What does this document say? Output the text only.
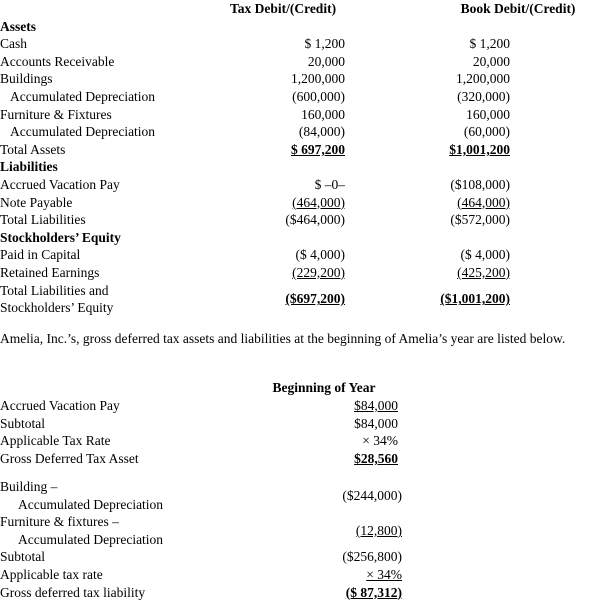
	Tax Debit/(Credit)		Book Debit/(Credit)
Assets			
Cash	$ 1,200		$ 1,200
Accounts Receivable	20,000		20,000
Buildings	1,200,000		1,200,000
Accumulated Depreciation	(600,000)		(320,000)
Furniture & Fixtures	160,000		160,000
Accumulated Depreciation	(84,000)		(60,000)
Total Assets	$ 697,200		$1,001,200
Liabilities			
Accrued Vacation Pay	$ –0–		($108,000)
Note Payable	(464,000)		(464,000)
Total Liabilities	($464,000)		($572,000)
Stockholders’ Equity			
Paid in Capital	($ 4,000)		($ 4,000)
Retained Earnings	(229,200)		(425,200)
Total Liabilities and	($697,200)		($1,001,200)
Stockholders’ Equity			
Amelia, Inc.’s, gross deferred tax assets and liabilities at the beginning of Amelia’s year are listed below.
	Beginning of Year	
Accrued Vacation Pay	$84,000	
Subtotal	$84,000	
Applicable Tax Rate	× 34%	
Gross Deferred Tax Asset	$28,560	
Building –	($244,000)	
Accumulated Depreciation		
Furniture & fixtures –	(12,800)	
Accumulated Depreciation		
Subtotal	($256,800)	
Applicable tax rate	× 34%	
Gross deferred tax liability	($ 87,312)	
